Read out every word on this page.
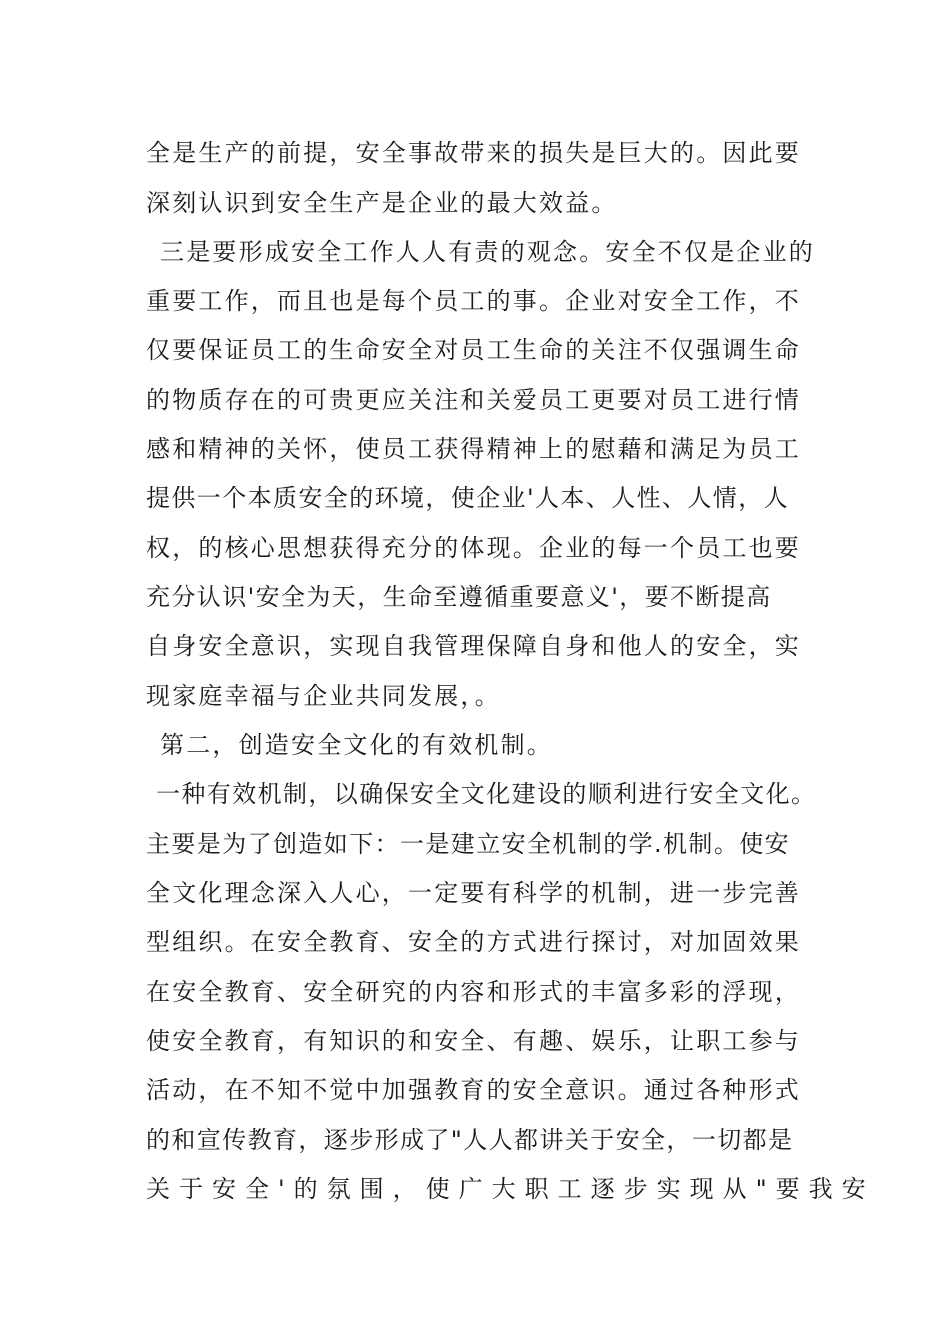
全是生产的前提，安全事故带来的损失是巨大的。因此要

深刻认识到安全生产是企业的最大效益。

三是要形成安全工作人人有责的观念。安全不仅是企业的

重要工作，而且也是每个员工的事。企业对安全工作，不

仅要保证员工的生命安全对员工生命的关注不仅强调生命

的物质存在的可贵更应关注和关爱员工更要对员工进行情

感和精神的关怀，使员工获得精神上的慰藉和满足为员工

提供一个本质安全的环境，使企业'人本、人性、人情，人

权，的核心思想获得充分的体现。企业的每一个员工也要

充分认识'安全为天，生命至遵循重要意义'，要不断提高

自身安全意识，实现自我管理保障自身和他人的安全，实

现家庭幸福与企业共同发展，。

第二，创造安全文化的有效机制。

一种有效机制，以确保安全文化建设的顺利进行安全文化。

主要是为了创造如下：一是建立安全机制的学.机制。使安

全文化理念深入人心，一定要有科学的机制，进一步完善

型组织。在安全教育、安全的方式进行探讨，对加固效果

在安全教育、安全研究的内容和形式的丰富多彩的浮现，

使安全教育，有知识的和安全、有趣、娱乐，让职工参与

活动，在不知不觉中加强教育的安全意识。通过各种形式

的和宣传教育，逐步形成了"人人都讲关于安全，一切都是

关于安全'的氛围，使广大职工逐步实现从"要我安
